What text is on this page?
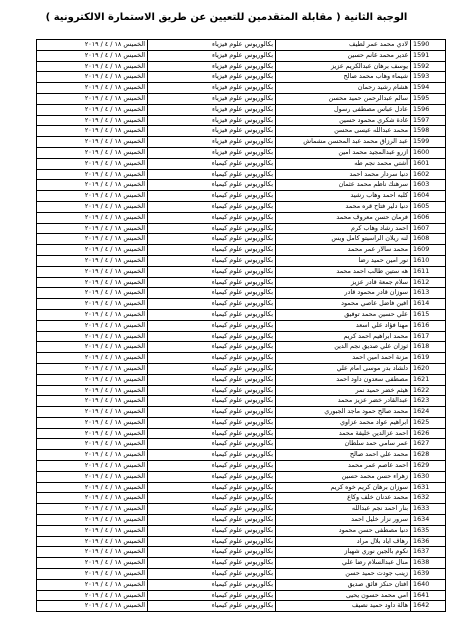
الوجبة الثانية ( مقابلة المتقدمين للتعيين عن طريق الاستمارة الالكترونية )
1590	لادي محمد عمر لطيف	بكالوريوس علوم فيزياء	الخميس ١٨ / ٤ / ٢٠١٩
1591	غدير محمد غانم حسين	بكالوريوس علوم فيزياء	الخميس ١٨ / ٤ / ٢٠١٩
1592	يوسف برهان عبدالكريم عزيز	بكالوريوس علوم فيزياء	الخميس ١٨ / ٤ / ٢٠١٩
1593	شيماء وهاب محمد صالح	بكالوريوس علوم فيزياء	الخميس ١٨ / ٤ / ٢٠١٩
1594	هشام رشيد رحمان	بكالوريوس علوم فيزياء	الخميس ١٨ / ٤ / ٢٠١٩
1595	سالم عبدالرحمن حميد محسن	بكالوريوس علوم فيزياء	الخميس ١٨ / ٤ / ٢٠١٩
1596	عادل عباس مصطفى رسول	بكالوريوس علوم فيزياء	الخميس ١٨ / ٤ / ٢٠١٩
1597	غادة شكري محمود حسين	بكالوريوس علوم فيزياء	الخميس ١٨ / ٤ / ٢٠١٩
1598	محمد عبدالله عيسى محسن	بكالوريوس علوم فيزياء	الخميس ١٨ / ٤ / ٢٠١٩
1599	عبد الرزاق محمد عبد المحسن مشماش	بكالوريوس علوم فيزياء	الخميس ١٨ / ٤ / ٢٠١٩
1600	ازرو عبدالمجيد محمد امين	بكالوريوس علوم فيزياء	الخميس ١٨ / ٤ / ٢٠١٩
1601	آشتي محمد نجم طه	بكالوريوس علوم كيمياء	الخميس ١٨ / ٤ / ٢٠١٩
1602	دنيا سردار محمد احمد	بكالوريوس علوم كيمياء	الخميس ١٨ / ٤ / ٢٠١٩
1603	سرهنك ناظم محمد عثمان	بكالوريوس علوم كيمياء	الخميس ١٨ / ٤ / ٢٠١٩
1604	كلبه احمد وهاب رشيد	بكالوريوس علوم كيمياء	الخميس ١٨ / ٤ / ٢٠١٩
1605	دنيا دلير فتاح قره محمد	بكالوريوس علوم كيمياء	الخميس ١٨ / ٤ / ٢٠١٩
1606	فرمان حسن معروف محمد	بكالوريوس علوم كيمياء	الخميس ١٨ / ٤ / ٢٠١٩
1607	احمد رشاد وهاب كرم	بكالوريوس علوم كيمياء	الخميس ١٨ / ٤ / ٢٠١٩
1608	لنه ريلان الراسيتو كامل ويس	بكالوريوس علوم كيمياء	الخميس ١٨ / ٤ / ٢٠١٩
1609	محمد سالار عمر محمد	بكالوريوس علوم كيمياء	الخميس ١٨ / ٤ / ٢٠١٩
1610	نور امين حميد رضا	بكالوريوس علوم كيمياء	الخميس ١٨ / ٤ / ٢٠١٩
1611	هه ستين طالب احمد محمد	بكالوريوس علوم كيمياء	الخميس ١٨ / ٤ / ٢٠١٩
1612	سلام جمعة قادر عزيز	بكالوريوس علوم كيمياء	الخميس ١٨ / ٤ / ٢٠١٩
1613	سوزان قادر محمود قادر	بكالوريوس علوم كيمياء	الخميس ١٨ / ٤ / ٢٠١٩
1614	افين فاضل عاصي محمود	بكالوريوس علوم كيمياء	الخميس ١٨ / ٤ / ٢٠١٩
1615	علي حسين محمد توفيق	بكالوريوس علوم كيمياء	الخميس ١٨ / ٤ / ٢٠١٩
1616	مهنا فؤاد علي اسعد	بكالوريوس علوم كيمياء	الخميس ١٨ / ٤ / ٢٠١٩
1617	محمد ابراهيم احمد كريم	بكالوريوس علوم كيمياء	الخميس ١٨ / ٤ / ٢٠١٩
1618	ثوزان علي صديق نجم الدين	بكالوريوس علوم كيمياء	الخميس ١٨ / ٤ / ٢٠١٩
1619	مزنة احمد امين احمد	بكالوريوس علوم كيمياء	الخميس ١٨ / ٤ / ٢٠١٩
1620	دلشاد بدر موسى امام علي	بكالوريوس علوم كيمياء	الخميس ١٨ / ٤ / ٢٠١٩
1621	مصطفى سعدون داود احمد	بكالوريوس علوم كيمياء	الخميس ١٨ / ٤ / ٢٠١٩
1622	هيثم خضر حميد نمر	بكالوريوس علوم كيمياء	الخميس ١٨ / ٤ / ٢٠١٩
1623	عبدالقادر خضر عزيز محمد	بكالوريوس علوم كيمياء	الخميس ١٨ / ٤ / ٢٠١٩
1624	محمد صالح حمود ماجد الجبوري	بكالوريوس علوم كيمياء	الخميس ١٨ / ٤ / ٢٠١٩
1625	ابراهيم عواد محمد عزاوي	بكالوريوس علوم كيمياء	الخميس ١٨ / ٤ / ٢٠١٩
1626	احمد عزالدين خليفة محمد	بكالوريوس علوم كيمياء	الخميس ١٨ / ٤ / ٢٠١٩
1627	عمر سامي حمد سلطان	بكالوريوس علوم كيمياء	الخميس ١٨ / ٤ / ٢٠١٩
1628	محمد علي احمد صالح	بكالوريوس علوم كيمياء	الخميس ١٨ / ٤ / ٢٠١٩
1629	احمد عاصم عمر محمد	بكالوريوس علوم كيمياء	الخميس ١٨ / ٤ / ٢٠١٩
1630	زهراء حسن محمد حسين	بكالوريوس علوم كيمياء	الخميس ١٨ / ٤ / ٢٠١٩
1631	سوزان برهان كريم خوه كريم	بكالوريوس علوم كيمياء	الخميس ١٨ / ٤ / ٢٠١٩
1632	محمد عدنان خلف وكاع	بكالوريوس علوم كيمياء	الخميس ١٨ / ٤ / ٢٠١٩
1633	بنار احمد نجم عبدالله	بكالوريوس علوم كيمياء	الخميس ١٨ / ٤ / ٢٠١٩
1634	سرور نزار خليل احمد	بكالوريوس علوم كيمياء	الخميس ١٨ / ٤ / ٢٠١٩
1635	دنيا مصطفى حسن محمود	بكالوريوس علوم كيمياء	الخميس ١٨ / ٤ / ٢٠١٩
1636	رهاف اياد بلال مراد	بكالوريوس علوم كيمياء	الخميس ١٨ / ٤ / ٢٠١٩
1637	نكوم بالجين نوري شهباز	بكالوريوس علوم كيمياء	الخميس ١٨ / ٤ / ٢٠١٩
1638	منال عبدالسلام رضا علي	بكالوريوس علوم كيمياء	الخميس ١٨ / ٤ / ٢٠١٩
1639	زينب جودت حميد حسن	بكالوريوس علوم كيمياء	الخميس ١٨ / ٤ / ٢٠١٩
1640	افتان حنكز فائق صديق	بكالوريوس علوم كيمياء	الخميس ١٨ / ٤ / ٢٠١٩
1641	امي محمد حسون يحيى	بكالوريوس علوم كيمياء	الخميس ١٨ / ٤ / ٢٠١٩
1642	هالة داود حميد نصيف	بكالوريوس علوم كيمياء	الخميس ١٨ / ٤ / ٢٠١٩
